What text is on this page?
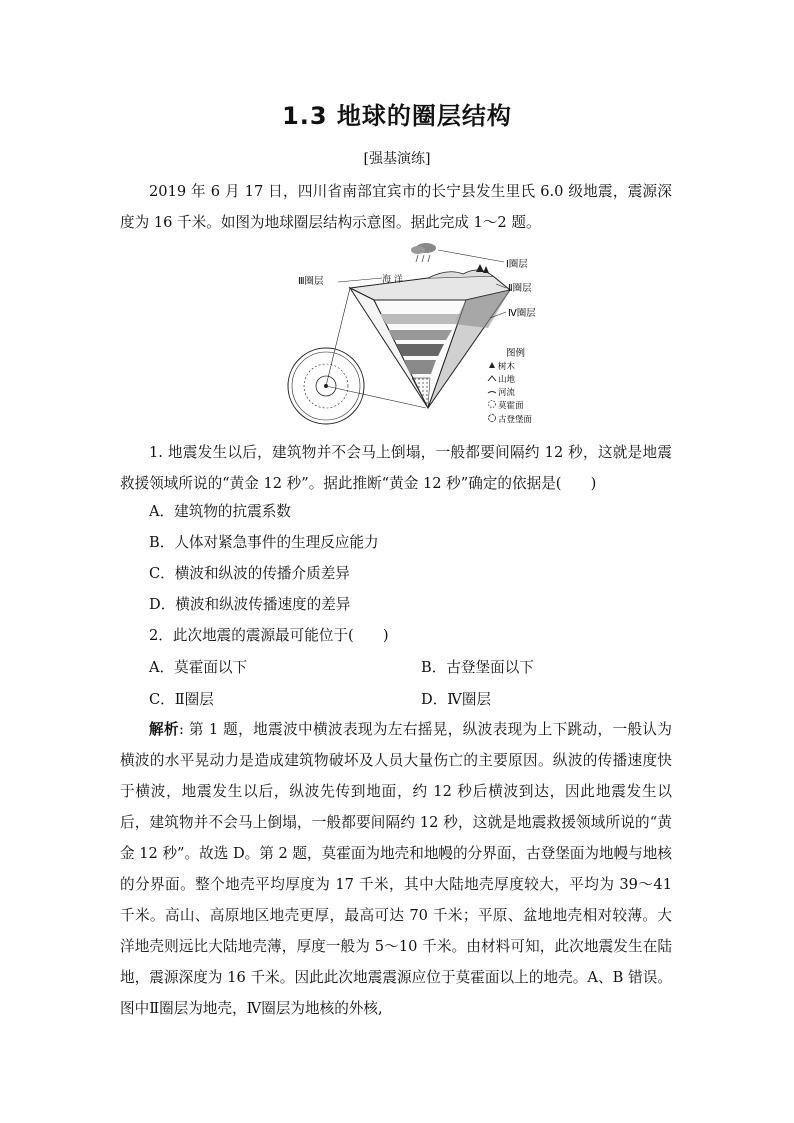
1.3 地球的圈层结构
[强基演练]

2019 年 6 月 17 日，四川省南部宜宾市的长宁县发生里氏 6.0 级地震，震源深度为 16 千米。如图为地球圈层结构示意图。据此完成 1～2 题。

海 洋
Ⅰ圈层
Ⅱ圈层
Ⅲ圈层
Ⅳ圈层
图例
树木
山地
河流
莫霍面
古登堡面

1. 地震发生以后，建筑物并不会马上倒塌，一般都要间隔约 12 秒，这就是地震救援领域所说的“黄金 12 秒”。据此推断“黄金 12 秒”确定的依据是(　　)

A．建筑物的抗震系数
B．人体对紧急事件的生理反应能力
C．横波和纵波的传播介质差异
D．横波和纵波传播速度的差异
2．此次地震的震源最可能位于(　　)
A．莫霍面以下	B．古登堡面以下
C．Ⅱ圈层	D．Ⅳ圈层

解析: 第 1 题，地震波中横波表现为左右摇晃，纵波表现为上下跳动，一般认为横波的水平晃动力是造成建筑物破坏及人员大量伤亡的主要原因。纵波的传播速度快于横波，地震发生以后，纵波先传到地面，约 12 秒后横波到达，因此地震发生以后，建筑物并不会马上倒塌，一般都要间隔约 12 秒，这就是地震救援领域所说的“黄金 12 秒”。故选 D。第 2 题，莫霍面为地壳和地幔的分界面，古登堡面为地幔与地核的分界面。整个地壳平均厚度为 17 千米，其中大陆地壳厚度较大，平均为 39～41 千米。高山、高原地区地壳更厚，最高可达 70 千米；平原、盆地地壳相对较薄。大洋地壳则远比大陆地壳薄，厚度一般为 5～10 千米。由材料可知，此次地震发生在陆地，震源深度为 16 千米。因此此次地震震源应位于莫霍面以上的地壳。A、B 错误。图中Ⅱ圈层为地壳，Ⅳ圈层为地核的外核,
